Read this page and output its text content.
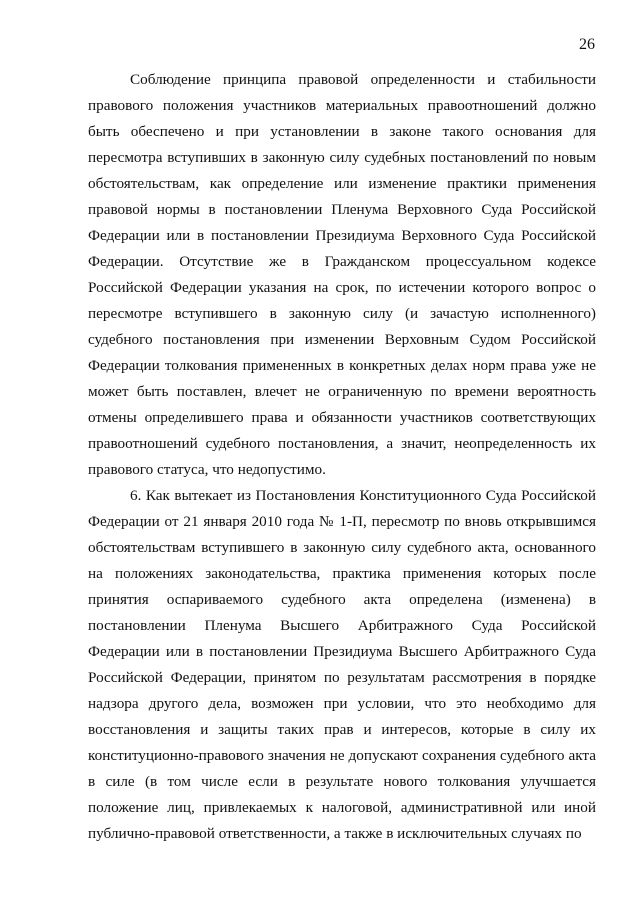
26

Соблюдение принципа правовой определенности и стабильности правового положения участников материальных правоотношений должно быть обеспечено и при установлении в законе такого основания для пересмотра вступивших в законную силу судебных постановлений по новым обстоятельствам, как определение или изменение практики применения правовой нормы в постановлении Пленума Верховного Суда Российской Федерации или в постановлении Президиума Верховного Суда Российской Федерации. Отсутствие же в Гражданском процессуальном кодексе Российской Федерации указания на срок, по истечении которого вопрос о пересмотре вступившего в законную силу (и зачастую исполненного) судебного постановления при изменении Верховным Судом Российской Федерации толкования примененных в конкретных делах норм права уже не может быть поставлен, влечет не ограниченную по времени вероятность отмены определившего права и обязанности участников соответствующих правоотношений судебного постановления, а значит, неопределенность их правового статуса, что недопустимо.

6. Как вытекает из Постановления Конституционного Суда Российской Федерации от 21 января 2010 года № 1-П, пересмотр по вновь открывшимся обстоятельствам вступившего в законную силу судебного акта, основанного на положениях законодательства, практика применения которых после принятия оспариваемого судебного акта определена (изменена) в постановлении Пленума Высшего Арбитражного Суда Российской Федерации или в постановлении Президиума Высшего Арбитражного Суда Российской Федерации, принятом по результатам рассмотрения в порядке надзора другого дела, возможен при условии, что это необходимо для восстановления и защиты таких прав и интересов, которые в силу их конституционно-правового значения не допускают сохранения судебного акта в силе (в том числе если в результате нового толкования улучшается положение лиц, привлекаемых к налоговой, административной или иной публично-правовой ответственности, а также в исключительных случаях по
